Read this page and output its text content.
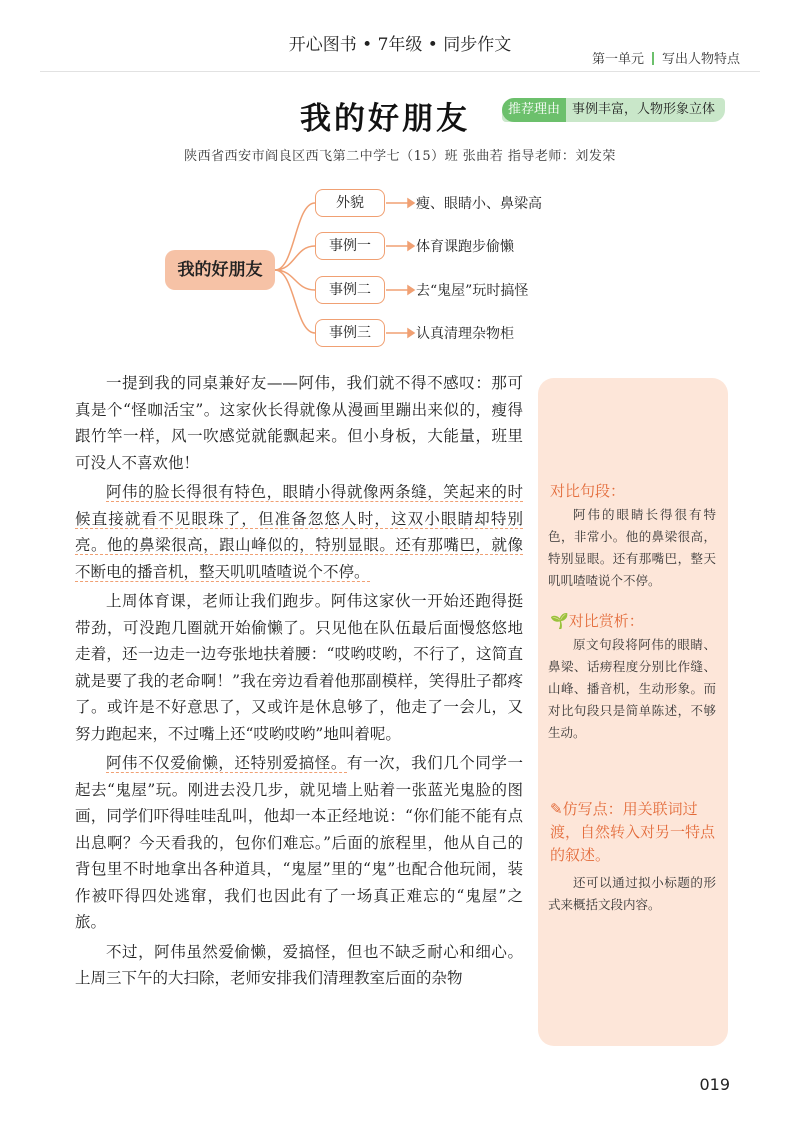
开心图书 • 7年级 • 同步作文
第一单元 写出人物特点
我的好朋友	推荐理由 事例丰富，人物形象立体
陕西省西安市阎良区西飞第二中学七（15）班 张曲若 指导老师：刘发荣
我的好朋友
外貌
事例一
事例二
事例三
瘦、眼睛小、鼻梁高
体育课跑步偷懒
去“鬼屋”玩时搞怪
认真清理杂物柜
对比句段：
阿伟的眼睛长得很有特色，非常小。他的鼻梁很高，特别显眼。还有那嘴巴，整天叽叽喳喳说个不停。
🌱对比赏析：
原文句段将阿伟的眼睛、鼻梁、话痨程度分别比作缝、山峰、播音机，生动形象。而对比句段只是简单陈述，不够生动。
✎仿写点：用关联词过渡，自然转入对另一特点的叙述。
还可以通过拟小标题的形式来概括文段内容。

一提到我的同桌兼好友——阿伟，我们就不得不感叹：那可真是个“怪咖活宝”。这家伙长得就像从漫画里蹦出来似的，瘦得跟竹竿一样，风一吹感觉就能飘起来。但小身板，大能量，班里可没人不喜欢他！

阿伟的脸长得很有特色，眼睛小得就像两条缝，笑起来的时候直接就看不见眼珠了，但准备忽悠人时，这双小眼睛却特别亮。他的鼻梁很高，跟山峰似的，特别显眼。还有那嘴巴，就像不断电的播音机，整天叽叽喳喳说个不停。

上周体育课，老师让我们跑步。阿伟这家伙一开始还跑得挺带劲，可没跑几圈就开始偷懒了。只见他在队伍最后面慢悠悠地走着，还一边走一边夸张地扶着腰：“哎哟哎哟，不行了，这简直就是要了我的老命啊！”我在旁边看着他那副模样，笑得肚子都疼了。或许是不好意思了，又或许是休息够了，他走了一会儿，又努力跑起来，不过嘴上还“哎哟哎哟”地叫着呢。

阿伟不仅爱偷懒，还特别爱搞怪。有一次，我们几个同学一起去“鬼屋”玩。刚进去没几步，就见墙上贴着一张蓝光鬼脸的图画，同学们吓得哇哇乱叫，他却一本正经地说：“你们能不能有点出息啊？今天看我的，包你们难忘。”后面的旅程里，他从自己的背包里不时地拿出各种道具，“鬼屋”里的“鬼”也配合他玩闹，装作被吓得四处逃窜，我们也因此有了一场真正难忘的“鬼屋”之旅。

不过，阿伟虽然爱偷懒，爱搞怪，但也不缺乏耐心和细心。上周三下午的大扫除，老师安排我们清理教室后面的杂物

019
